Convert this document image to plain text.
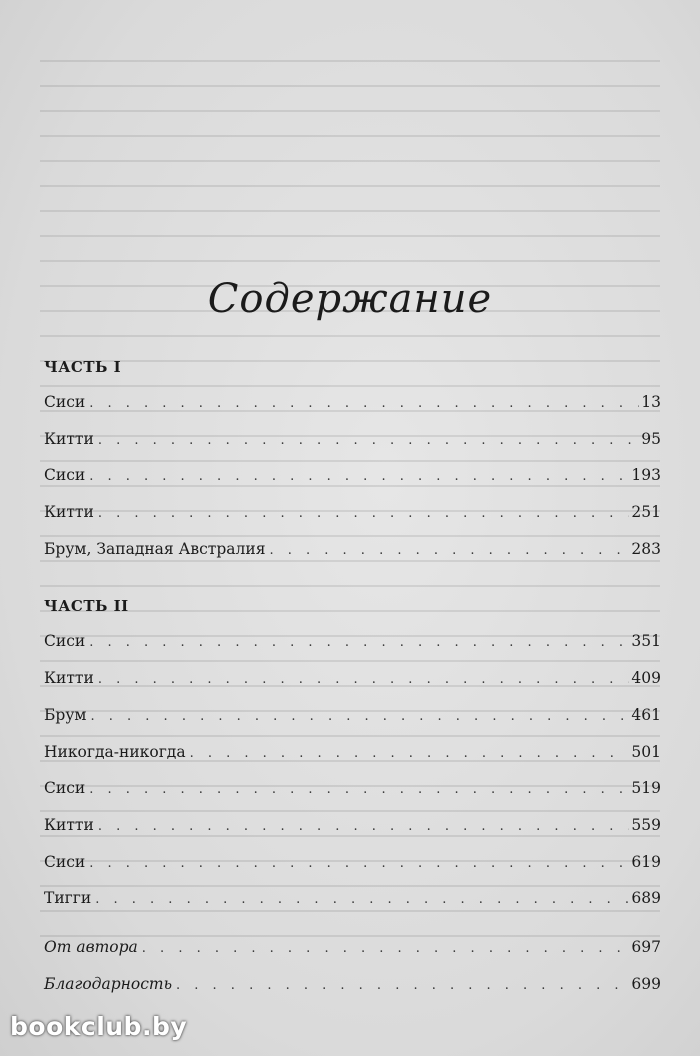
Содержание
ЧАСТЬ I
Сиси . . .	13
Китти . . .	95
Сиси . . .	193
Китти . . .	251
Брум, Западная Австралия . . .	283
ЧАСТЬ II
Сиси . . .	351
Китти . . .	409
Брум . . .	461
Никогда-никогда . . .	501
Сиси . . .	519
Китти . . .	559
Сиси . . .	619
Тигги . . .	689
От автора . . .	697
Благодарность . . .	699
bookclub.by
